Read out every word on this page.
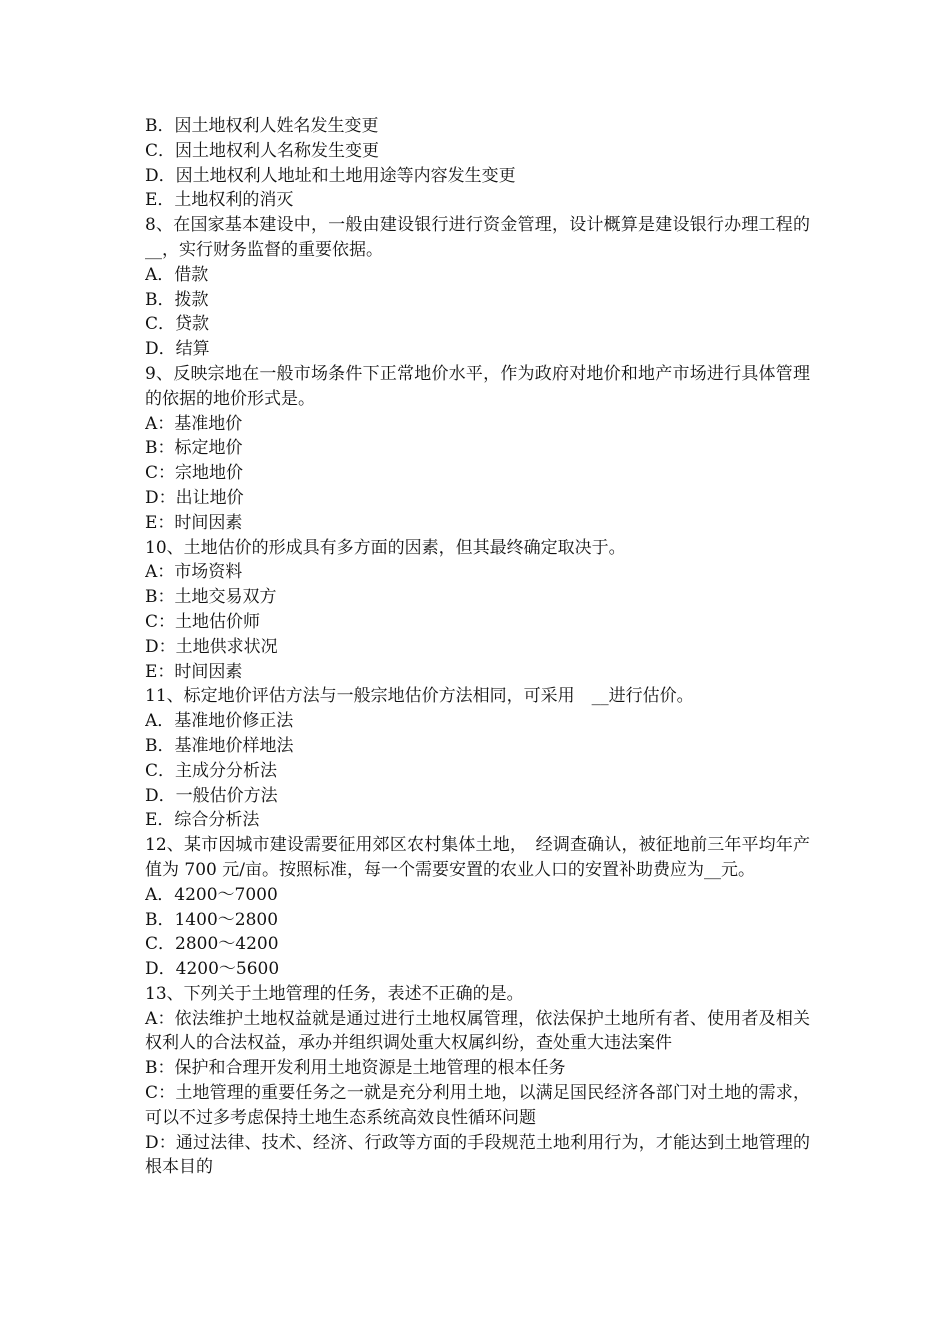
B．因土地权利人姓名发生变更
C．因土地权利人名称发生变更
D．因土地权利人地址和土地用途等内容发生变更
E．土地权利的消灭
8、在国家基本建设中，一般由建设银行进行资金管理，设计概算是建设银行办理工程的__，实行财务监督的重要依据。
A．借款
B．拨款
C．贷款
D．结算
9、反映宗地在一般市场条件下正常地价水平，作为政府对地价和地产市场进行具体管理的依据的地价形式是。
A：基准地价
B：标定地价
C：宗地地价
D：出让地价
E：时间因素
10、土地估价的形成具有多方面的因素，但其最终确定取决于。
A：市场资料
B：土地交易双方
C：土地估价师
D：土地供求状况
E：时间因素
11、标定地价评估方法与一般宗地估价方法相同，可采用　__进行估价。
A．基准地价修正法
B．基准地价样地法
C．主成分分析法
D．一般估价方法
E．综合分析法
12、某市因城市建设需要征用郊区农村集体土地，　经调查确认，被征地前三年平均年产值为 700 元/亩。按照标准，每一个需要安置的农业人口的安置补助费应为__元。
A．4200～7000
B．1400～2800
C．2800～4200
D．4200～5600
13、下列关于土地管理的任务，表述不正确的是。
A：依法维护土地权益就是通过进行土地权属管理，依法保护土地所有者、使用者及相关权利人的合法权益，承办并组织调处重大权属纠纷，查处重大违法案件
B：保护和合理开发利用土地资源是土地管理的根本任务
C：土地管理的重要任务之一就是充分利用土地，以满足国民经济各部门对土地的需求，可以不过多考虑保持土地生态系统高效良性循环问题
D：通过法律、技术、经济、行政等方面的手段规范土地利用行为，才能达到土地管理的根本目的
